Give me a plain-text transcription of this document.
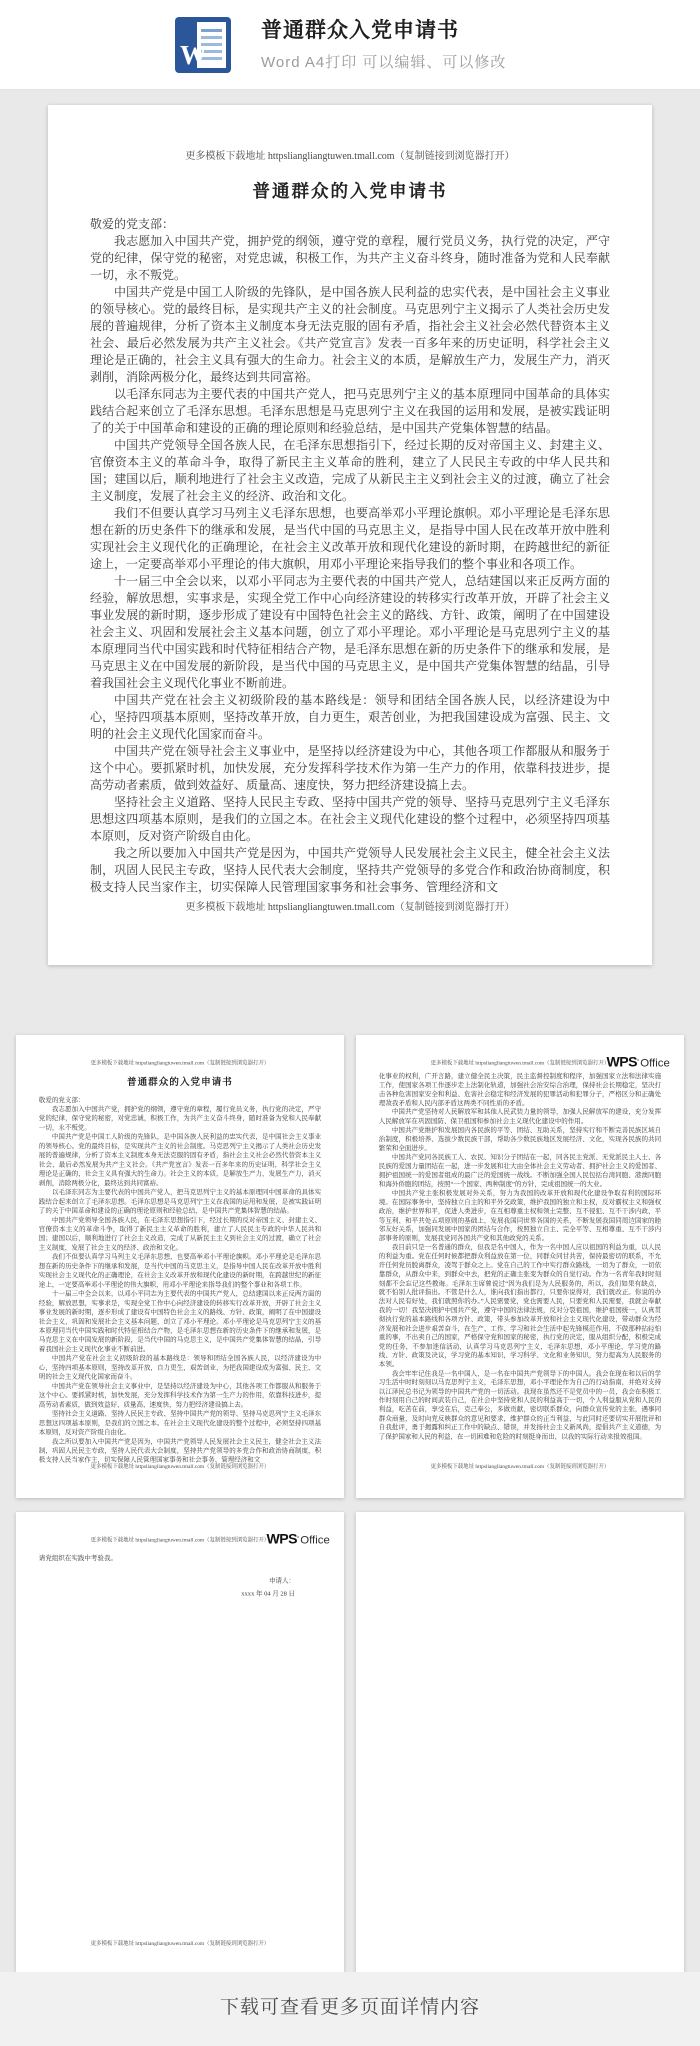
W
普通群众入党申请书
Word A4打印 可以编辑、可以修改
更多模板下载地址 httpsliangliangtuwen.tmall.com（复制链接到浏览器打开）
普通群众的入党申请书

敬爱的党支部：

我志愿加入中国共产党，拥护党的纲领，遵守党的章程，履行党员义务，执行党的决定，严守党的纪律，保守党的秘密，对党忠诚，积极工作，为共产主义奋斗终身，随时准备为党和人民奉献一切，永不叛党。

中国共产党是中国工人阶级的先锋队，是中国各族人民利益的忠实代表，是中国社会主义事业的领导核心。党的最终目标，是实现共产主义的社会制度。马克思列宁主义揭示了人类社会历史发展的普遍规律，分析了资本主义制度本身无法克服的固有矛盾，指社会主义社会必然代替资本主义社会、最后必然发展为共产主义社会。《共产党宣言》发表一百多年来的历史证明，科学社会主义理论是正确的，社会主义具有强大的生命力。社会主义的本质，是解放生产力，发展生产力，消灭剥削，消除两极分化，最终达到共同富裕。

以毛泽东同志为主要代表的中国共产党人，把马克思列宁主义的基本原理同中国革命的具体实践结合起来创立了毛泽东思想。毛泽东思想是马克思列宁主义在我国的运用和发展，是被实践证明了的关于中国革命和建设的正确的理论原则和经验总结，是中国共产党集体智慧的结晶。

中国共产党领导全国各族人民，在毛泽东思想指引下，经过长期的反对帝国主义、封建主义、官僚资本主义的革命斗争，取得了新民主主义革命的胜利，建立了人民民主专政的中华人民共和国；建国以后，顺利地进行了社会主义改造，完成了从新民主主义到社会主义的过渡，确立了社会主义制度，发展了社会主义的经济、政治和文化。

我们不但要认真学习马列主义毛泽东思想，也要高举邓小平理论旗帜。邓小平理论是毛泽东思想在新的历史条件下的继承和发展，是当代中国的马克思主义，是指导中国人民在改革开放中胜利实现社会主义现代化的正确理论，在社会主义改革开放和现代化建设的新时期，在跨越世纪的新征途上，一定要高举邓小平理论的伟大旗帜，用邓小平理论来指导我们的整个事业和各项工作。

十一届三中全会以来，以邓小平同志为主要代表的中国共产党人，总结建国以来正反两方面的经验，解放思想，实事求是，实现全党工作中心向经济建设的转移实行改革开放，开辟了社会主义事业发展的新时期，逐步形成了建设有中国特色社会主义的路线、方针、政策，阐明了在中国建设社会主义、巩固和发展社会主义基本问题，创立了邓小平理论。邓小平理论是马克思列宁主义的基本原理同当代中国实践和时代特征相结合产物，是毛泽东思想在新的历史条件下的继承和发展，是马克思主义在中国发展的新阶段，是当代中国的马克思主义，是中国共产党集体智慧的结晶，引导着我国社会主义现代化事业不断前进。

中国共产党在社会主义初级阶段的基本路线是：领导和团结全国各族人民，以经济建设为中心，坚持四项基本原则，坚持改革开放，自力更生，艰苦创业，为把我国建设成为富强、民主、文明的社会主义现代化国家而奋斗。

中国共产党在领导社会主义事业中，是坚持以经济建设为中心，其他各项工作都服从和服务于这个中心。要抓紧时机，加快发展，充分发挥科学技术作为第一生产力的作用，依靠科技进步，提高劳动者素质，做到效益好、质量高、速度快，努力把经济建设搞上去。

坚持社会主义道路、坚持人民民主专政、坚持中国共产党的领导、坚持马克思列宁主义毛泽东思想这四项基本原则，是我们的立国之本。在社会主义现代化建设的整个过程中，必须坚持四项基本原则，反对资产阶级自由化。

我之所以要加入中国共产党是因为，中国共产党领导人民发展社会主义民主，健全社会主义法制，巩固人民民主专政，坚持人民代表大会制度，坚持共产党领导的多党合作和政治协商制度，积极支持人民当家作主，切实保障人民管理国家事务和社会事务、管理经济和文

更多模板下载地址 httpsliangliangtuwen.tmall.com（复制链接到浏览器打开）
更多模板下载地址 httpsliangliangtuwen.tmall.com（复制链接到浏览器打开）
普通群众的入党申请书

敬爱的党支部：

我志愿加入中国共产党，拥护党的纲领，遵守党的章程，履行党员义务，执行党的决定，严守党的纪律，保守党的秘密，对党忠诚，积极工作，为共产主义奋斗终身，随时准备为党和人民奉献一切，永不叛党。

中国共产党是中国工人阶级的先锋队，是中国各族人民利益的忠实代表，是中国社会主义事业的领导核心。党的最终目标，是实现共产主义的社会制度。马克思列宁主义揭示了人类社会历史发展的普遍规律，分析了资本主义制度本身无法克服的固有矛盾，指社会主义社会必然代替资本主义社会、最后必然发展为共产主义社会。《共产党宣言》发表一百多年来的历史证明，科学社会主义理论是正确的，社会主义具有强大的生命力。社会主义的本质，是解放生产力，发展生产力，消灭剥削，消除两极分化，最终达到共同富裕。

以毛泽东同志为主要代表的中国共产党人，把马克思列宁主义的基本原理同中国革命的具体实践结合起来创立了毛泽东思想。毛泽东思想是马克思列宁主义在我国的运用和发展，是被实践证明了的关于中国革命和建设的正确的理论原则和经验总结，是中国共产党集体智慧的结晶。

中国共产党领导全国各族人民，在毛泽东思想指引下，经过长期的反对帝国主义、封建主义、官僚资本主义的革命斗争，取得了新民主主义革命的胜利，建立了人民民主专政的中华人民共和国；建国以后，顺利地进行了社会主义改造，完成了从新民主主义到社会主义的过渡，确立了社会主义制度，发展了社会主义的经济、政治和文化。

我们不但要认真学习马列主义毛泽东思想，也要高举邓小平理论旗帜。邓小平理论是毛泽东思想在新的历史条件下的继承和发展，是当代中国的马克思主义，是指导中国人民在改革开放中胜利实现社会主义现代化的正确理论，在社会主义改革开放和现代化建设的新时期，在跨越世纪的新征途上，一定要高举邓小平理论的伟大旗帜，用邓小平理论来指导我们的整个事业和各项工作。

十一届三中全会以来，以邓小平同志为主要代表的中国共产党人，总结建国以来正反两方面的经验，解放思想，实事求是，实现全党工作中心向经济建设的转移实行改革开放，开辟了社会主义事业发展的新时期，逐步形成了建设有中国特色社会主义的路线、方针、政策，阐明了在中国建设社会主义、巩固和发展社会主义基本问题，创立了邓小平理论。邓小平理论是马克思列宁主义的基本原理同当代中国实践和时代特征相结合产物，是毛泽东思想在新的历史条件下的继承和发展，是马克思主义在中国发展的新阶段，是当代中国的马克思主义，是中国共产党集体智慧的结晶，引导着我国社会主义现代化事业不断前进。

中国共产党在社会主义初级阶段的基本路线是：领导和团结全国各族人民，以经济建设为中心，坚持四项基本原则，坚持改革开放，自力更生，艰苦创业，为把我国建设成为富强、民主、文明的社会主义现代化国家而奋斗。

中国共产党在领导社会主义事业中，是坚持以经济建设为中心，其他各项工作都服从和服务于这个中心。要抓紧时机，加快发展，充分发挥科学技术作为第一生产力的作用，依靠科技进步，提高劳动者素质，做到效益好、质量高、速度快，努力把经济建设搞上去。

坚持社会主义道路、坚持人民民主专政、坚持中国共产党的领导、坚持马克思列宁主义毛泽东思想这四项基本原则，是我们的立国之本。在社会主义现代化建设的整个过程中，必须坚持四项基本原则，反对资产阶级自由化。

我之所以要加入中国共产党是因为，中国共产党领导人民发展社会主义民主，健全社会主义法制，巩固人民民主专政，坚持人民代表大会制度，坚持共产党领导的多党合作和政治协商制度，积极支持人民当家作主，切实保障人民管理国家事务和社会事务、管理经济和文

更多模板下载地址 httpsliangliangtuwen.tmall.com（复制链接到浏览器打开）
更多模板下载地址 httpsliangliangtuwen.tmall.com（复制链接到浏览器打开）
WPS°Office

化事业的权利，广开言路，建立健全民主决策，民主监督控制度和程序，加强国家立法和法律实施工作，使国家各项工作逐步走上法制化轨道，加强社会治安综合治理，保持社会长期稳定，坚决打击各种危害国家安全和利益、危害社会稳定和经济发展的犯罪活动和犯罪分子，严格区分和正确处理敌我矛盾和人民内部矛盾这两类不同性质的矛盾。

中国共产党坚持对人民解放军和其他人民武装力量的领导，加强人民解放军的建设，充分发挥人民解放军在巩固国防、保卫祖国和参加社会主义现代化建设中的作用。

中国共产党维护和发展国内各民族的平等、团结、互助关系，坚持实行和不断完善民族区域自治制度，积极培养、选拔少数民族干部，帮助各少数民族地区发展经济、文化，实现各民族的共同繁荣和全面进步。

中国共产党同各民族工人、农民、知识分子团结在一起，同各民主党派、无党派民主人士、各民族的爱国力量团结在一起，进一步发展和壮大由全体社会主义劳动者、拥护社会主义的爱国者、拥护祖国统一的爱国者组成的最广泛的爱国统一战线。不断加强全国人民包括台湾同胞、港澳同胞和海外侨胞的团结，按照“一个国家、两种制度”的方针，完成祖国统一的大业。

中国共产党主张积极发展对外关系，努力为我国的改革开放和现代化建设争取有利的国际环境。在国际事务中，坚持独立自主的和平外交政策，维护我国的独立和主权，反对霸权主义和强权政治，维护世界和平，促进人类进步，在互相尊重主权和领土完整、互不侵犯、互不干涉内政、平等互利、和平共处五项原则的基础上，发展我国同世界各国的关系，不断发展我国同周边国家的睦邻友好关系，加强同发展中国家的团结与合作，按照独立自主、完全平等、互相尊重、互不干涉内部事务的原则，发展我党同各国共产党和其他政党的关系。

我目前只是一名普通的群众，但我是名中国人，作为一名中国人应以祖国的利益为重，以人民的利益为重。党在任何时候都把群众利益放在第一位，同群众同甘共苦，保持最密切的联系，不允许任何党员脱离群众，凌驾于群众之上。党在自己的工作中实行群众路线，一切为了群众，一切依靠群众，从群众中来，到群众中去，把党的正确主张变为群众的自觉行动。作为一名青年我时时刻刻都不会忘记这些教诲。毛泽东主席曾说过“因为我们是为人民服务的，所以，我们如果有缺点，就不怕别人批评指出。不管是什么人，谁向我们指出都行，只要你说得对，我们就改正。你说的办法对人民有好处，我们就照你的办。”人民需要党，党也需要人民，只要党和人民需要，我就会奉献我的一切！我坚决拥护中国共产党，遵守中国的法律法规，反对分裂祖国，维护祖国统一，认真贯彻执行党的基本路线和各项方针、政策，带头参加改革开放和社会主义现代化建设，带动群众为经济发展和社会进步艰苦奋斗，在生产、工作、学习和社会生活中起先锋模范作用，不做那种拈轻怕重的事，不出卖自己的国家，严格保守党和国家的秘密，执行党的决定，服从组织分配，积极完成党的任务，不参加迷信活动，认真学习马克思列宁主义，毛泽东思想，邓小平理论，学习党的路线、方针、政策及决议，学习党的基本知识，学习科学、文化和业务知识，努力提高为人民服务的本领。

我会牢牢记住我是一名中国人，是一名在中国共产党领导下的中国人。我会在现在和以后的学习生活中时时刻刻以马克思列宁主义，毛泽东思想，邓小平理论作为自己的行动指南，并绝对支持以江泽民总书记为领导的中国共产党的一切活动。我现在虽然还不是党员中的一员，我会在积极工作时刻用自己的时间武装自己，在社会中坚持党和人民的利益高于一切，个人利益服从党和人民的利益，吃苦在前，享受在后，克己奉公，多做贡献，密切联系群众，向群众宣传党的主张，遇事同群众商量，及时向党反映群众的意见和要求，维护群众的正当利益，与此同时还要切实开展批评和自我批评，勇于揭露和纠正工作中的缺点、错误，并发扬社会主义新风尚，提倡共产主义道德，为了保护国家和人民的利益，在一切困难和危险的时刻挺身而出，以我的实际行动来报效祖国。

更多模板下载地址 httpsliangliangtuwen.tmall.com（复制链接到浏览器打开）
更多模板下载地址 httpsliangliangtuwen.tmall.com（复制链接到浏览器打开）
WPS°Office

请党组织在实践中考验我。

申请人：
xxxx 年 04 月 28 日
更多模板下载地址 httpsliangliangtuwen.tmall.com（复制链接到浏览器打开）
下载可查看更多页面详情内容
